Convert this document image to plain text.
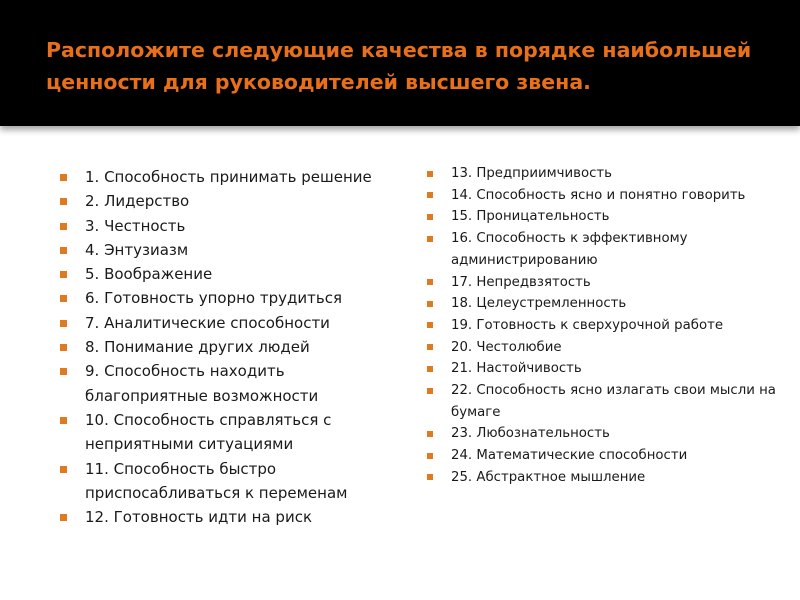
Расположите следующие качества в порядке наибольшей ценности для руководителей высшего звена.
1. Способность принимать решение
2. Лидерство
3. Честность
4. Энтузиазм
5. Воображение
6. Готовность упорно трудиться
7. Аналитические способности
8. Понимание других людей
9. Способность находить благоприятные возможности
10. Способность справляться с неприятными ситуациями
11. Способность быстро приспосабливаться к переменам
12. Готовность идти на риск
13. Предприимчивость
14. Способность ясно и понятно говорить
15. Проницательность
16. Способность к эффективному администрированию
17. Непредвзятость
18. Целеустремленность
19. Готовность к сверхурочной работе
20. Честолюбие
21. Настойчивость
22. Способность ясно излагать свои мысли на бумаге
23. Любознательность
24. Математические способности
25. Абстрактное мышление
